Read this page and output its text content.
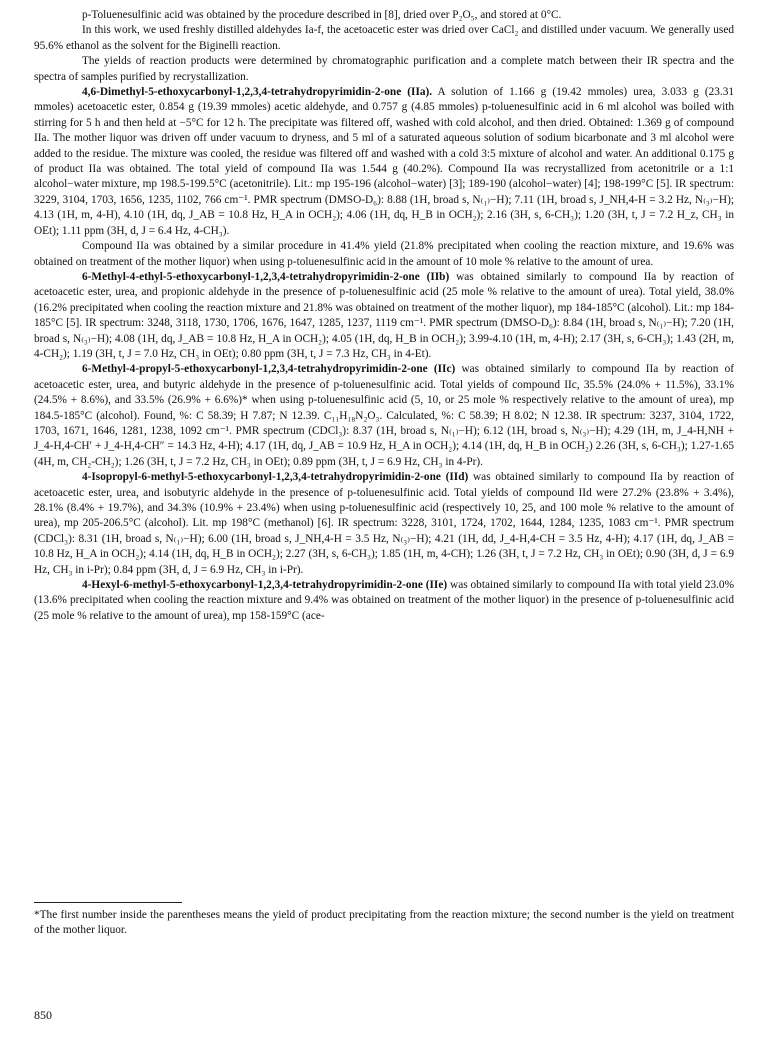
p-Toluenesulfinic acid was obtained by the procedure described in [8], dried over P₂O₅, and stored at 0°C.

In this work, we used freshly distilled aldehydes Ia-f, the acetoacetic ester was dried over CaCl₂ and distilled under vacuum. We generally used 95.6% ethanol as the solvent for the Biginelli reaction.

The yields of reaction products were determined by chromatographic purification and a complete match between their IR spectra and the spectra of samples purified by recrystallization.

4,6-Dimethyl-5-ethoxycarbonyl-1,2,3,4-tetrahydropyrimidin-2-one (IIa). A solution of 1.166 g (19.42 mmoles) urea, 3.033 g (23.31 mmoles) acetoacetic ester, 0.854 g (19.39 mmoles) acetic aldehyde, and 0.757 g (4.85 mmoles) p-toluenesulfinic acid in 6 ml alcohol was boiled with stirring for 5 h and then held at −5°C for 12 h. The precipitate was filtered off, washed with cold alcohol, and then dried. Obtained: 1.369 g of compound IIa. The mother liquor was driven off under vacuum to dryness, and 5 ml of a saturated aqueous solution of sodium bicarbonate and 3 ml alcohol were added to the residue. The mixture was cooled, the residue was filtered off and washed with a cold 3:5 mixture of alcohol and water. An additional 0.175 g of product IIa was obtained. The total yield of compound IIa was 1.544 g (40.2%). Compound IIa was recrystallized from acetonitrile or a 1:1 alcohol−water mixture, mp 198.5-199.5°C (acetonitrile). Lit.: mp 195-196 (alcohol−water) [3]; 189-190 (alcohol−water) [4]; 198-199°C [5]. IR spectrum: 3229, 3104, 1703, 1656, 1235, 1102, 766 cm⁻¹. PMR spectrum (DMSO-D₆): 8.88 (1H, broad s, N₍₁₎−H); 7.11 (1H, broad s, J_NH,4-H = 3.2 Hz, N₍₃₎−H); 4.13 (1H, m, 4-H), 4.10 (1H, dq, J_AB = 10.8 Hz, H_A in OCH₂); 4.06 (1H, dq, H_B in OCH₂); 2.16 (3H, s, 6-CH₃); 1.20 (3H, t, J = 7.2 H_z, CH₃ in OEt); 1.11 ppm (3H, d, J = 6.4 Hz, 4-CH₃).

Compound IIa was obtained by a similar procedure in 41.4% yield (21.8% precipitated when cooling the reaction mixture, and 19.6% was obtained on treatment of the mother liquor) when using p-toluenesulfinic acid in the amount of 10 mole % relative to the amount of urea.

6-Methyl-4-ethyl-5-ethoxycarbonyl-1,2,3,4-tetrahydropyrimidin-2-one (IIb) was obtained similarly to compound IIa by reaction of acetoacetic ester, urea, and propionic aldehyde in the presence of p-toluenesulfinic acid (25 mole % relative to the amount of urea). Total yield, 38.0% (16.2% precipitated when cooling the reaction mixture and 21.8% was obtained on treatment of the mother liquor), mp 184-185°C (alcohol). Lit.: mp 184-185°C [5]. IR spectrum: 3248, 3118, 1730, 1706, 1676, 1647, 1285, 1237, 1119 cm⁻¹. PMR spectrum (DMSO-D₆): 8.84 (1H, broad s, N₍₁₎−H); 7.20 (1H, broad s, N₍₃₎−H); 4.08 (1H, dq, J_AB = 10.8 Hz, H_A in OCH₂); 4.05 (1H, dq, H_B in OCH₂); 3.99-4.10 (1H, m, 4-H); 2.17 (3H, s, 6-CH₃); 1.43 (2H, m, 4-CH₂); 1.19 (3H, t, J = 7.0 Hz, CH₃ in OEt); 0.80 ppm (3H, t, J = 7.3 Hz, CH₃ in 4-Et).

6-Methyl-4-propyl-5-ethoxycarbonyl-1,2,3,4-tetrahydropyrimidin-2-one (IIc) was obtained similarly to compound IIa by reaction of acetoacetic ester, urea, and butyric aldehyde in the presence of p-toluenesulfinic acid. Total yields of compound IIc, 35.5% (24.0% + 11.5%), 33.1% (24.5% + 8.6%), and 33.5% (26.9% + 6.6%)* when using p-toluenesulfinic acid (5, 10, or 25 mole % respectively relative to the amount of urea), mp 184.5-185°C (alcohol). Found, %: C 58.39; H 7.87; N 12.39. C₁₁H₁₈N₂O₃. Calculated, %: C 58.39; H 8.02; N 12.38. IR spectrum: 3237, 3104, 1722, 1703, 1671, 1646, 1281, 1238, 1092 cm⁻¹. PMR spectrum (CDCl₃): 8.37 (1H, broad s, N₍₁₎−H); 6.12 (1H, broad s, N₍₃₎−H); 4.29 (1H, m, J_4-H,NH + J_4-H,4-CH′ + J_4-H,4-CH″ = 14.3 Hz, 4-H); 4.17 (1H, dq, J_AB = 10.9 Hz, H_A in OCH₂); 4.14 (1H, dq, H_B in OCH₂) 2.26 (3H, s, 6-CH₃); 1.27-1.65 (4H, m, CH₂-CH₂); 1.26 (3H, t, J = 7.2 Hz, CH₃ in OEt); 0.89 ppm (3H, t, J = 6.9 Hz, CH₃ in 4-Pr).

4-Isopropyl-6-methyl-5-ethoxycarbonyl-1,2,3,4-tetrahydropyrimidin-2-one (IId) was obtained similarly to compound IIa by reaction of acetoacetic ester, urea, and isobutyric aldehyde in the presence of p-toluenesulfinic acid. Total yields of compound IId were 27.2% (23.8% + 3.4%), 28.1% (8.4% + 19.7%), and 34.3% (10.9% + 23.4%) when using p-toluenesulfinic acid (respectively 10, 25, and 100 mole % relative to the amount of urea), mp 205-206.5°C (alcohol). Lit. mp 198°C (methanol) [6]. IR spectrum: 3228, 3101, 1724, 1702, 1644, 1284, 1235, 1083 cm⁻¹. PMR spectrum (CDCl₃): 8.31 (1H, broad s, N₍₁₎−H); 6.00 (1H, broad s, J_NH,4-H = 3.5 Hz, N₍₃₎−H); 4.21 (1H, dd, J_4-H,4-CH = 3.5 Hz, 4-H); 4.17 (1H, dq, J_AB = 10.8 Hz, H_A in OCH₂); 4.14 (1H, dq, H_B in OCH₂); 2.27 (3H, s, 6-CH₃); 1.85 (1H, m, 4-CH); 1.26 (3H, t, J = 7.2 Hz, CH₃ in OEt); 0.90 (3H, d, J = 6.9 Hz, CH₃ in i-Pr); 0.84 ppm (3H, d, J = 6.9 Hz, CH₃ in i-Pr).

4-Hexyl-6-methyl-5-ethoxycarbonyl-1,2,3,4-tetrahydropyrimidin-2-one (IIe) was obtained similarly to compound IIa with total yield 23.0% (13.6% precipitated when cooling the reaction mixture and 9.4% was obtained on treatment of the mother liquor) in the presence of p-toluenesulfinic acid (25 mole % relative to the amount of urea), mp 158-159°C (ace-

*The first number inside the parentheses means the yield of product precipitating from the reaction mixture; the second number is the yield on treatment of the mother liquor.

850
